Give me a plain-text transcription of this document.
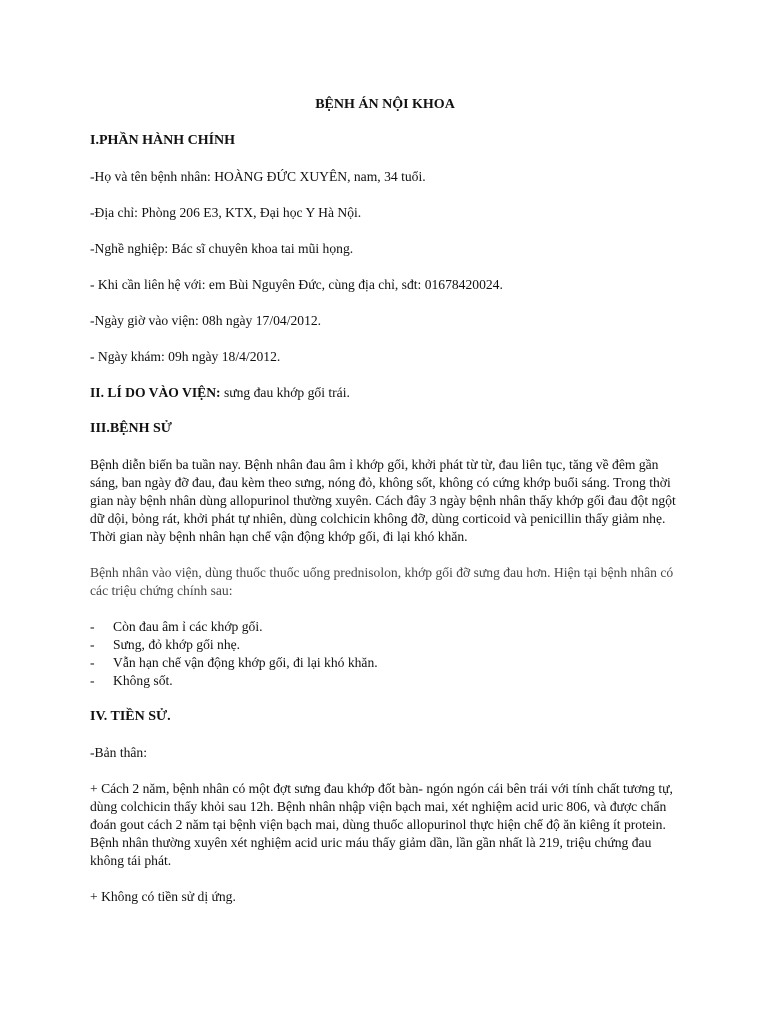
BỆNH ÁN NỘI KHOA
I.PHẦN HÀNH CHÍNH
-Họ và tên bệnh nhân: HOÀNG ĐỨC XUYÊN, nam, 34 tuổi.
-Địa chỉ: Phòng 206 E3, KTX, Đại học Y Hà Nội.
-Nghề nghiệp: Bác sĩ chuyên khoa tai mũi họng.
- Khi cần liên hệ với: em Bùi Nguyên Đức, cùng địa chỉ, sđt: 01678420024.
-Ngày giờ vào viện: 08h ngày 17/04/2012.
- Ngày khám: 09h ngày 18/4/2012.
II. LÍ DO VÀO VIỆN: sưng đau khớp gối trái.
III.BỆNH SỬ
Bệnh diễn biến ba tuần nay. Bệnh nhân đau âm ỉ khớp gối, khởi phát từ từ, đau liên tục, tăng về đêm gần sáng, ban ngày đỡ đau, đau kèm theo sưng, nóng đỏ, không sốt, không có cứng khớp buổi sáng. Trong thời gian này bệnh nhân dùng allopurinol thường xuyên. Cách đây 3 ngày bệnh nhân thấy khớp gối đau đột ngột dữ dội, bỏng rát, khởi phát tự nhiên, dùng colchicin không đỡ, dùng corticoid và penicillin thấy giảm nhẹ. Thời gian này bệnh nhân hạn chế vận động khớp gối, đi lại khó khăn.
Bệnh nhân vào viện, dùng thuốc thuốc uống prednisolon, khớp gối đỡ sưng đau hơn. Hiện tại bệnh nhân có các triệu chứng chính sau:
- Còn đau âm ỉ các khớp gối.
- Sưng, đỏ khớp gối nhẹ.
- Vẫn hạn chế vận động khớp gối, đi lại khó khăn.
- Không sốt.
IV. TIỀN SỬ.
-Bản thân:
+ Cách 2 năm, bệnh nhân có một đợt sưng đau khớp đốt bàn- ngón ngón cái bên trái với tính chất tương tự, dùng colchicin thấy khỏi sau 12h. Bệnh nhân nhập viện bạch mai, xét nghiệm acid uric 806, và được chẩn đoán gout cách 2 năm tại bệnh viện bạch mai, dùng thuốc allopurinol thực hiện chế độ ăn kiêng ít protein. Bệnh nhân thường xuyên xét nghiệm acid uric máu thấy giảm dần, lần gần nhất là 219, triệu chứng đau không tái phát.
+ Không có tiền sử dị ứng.
